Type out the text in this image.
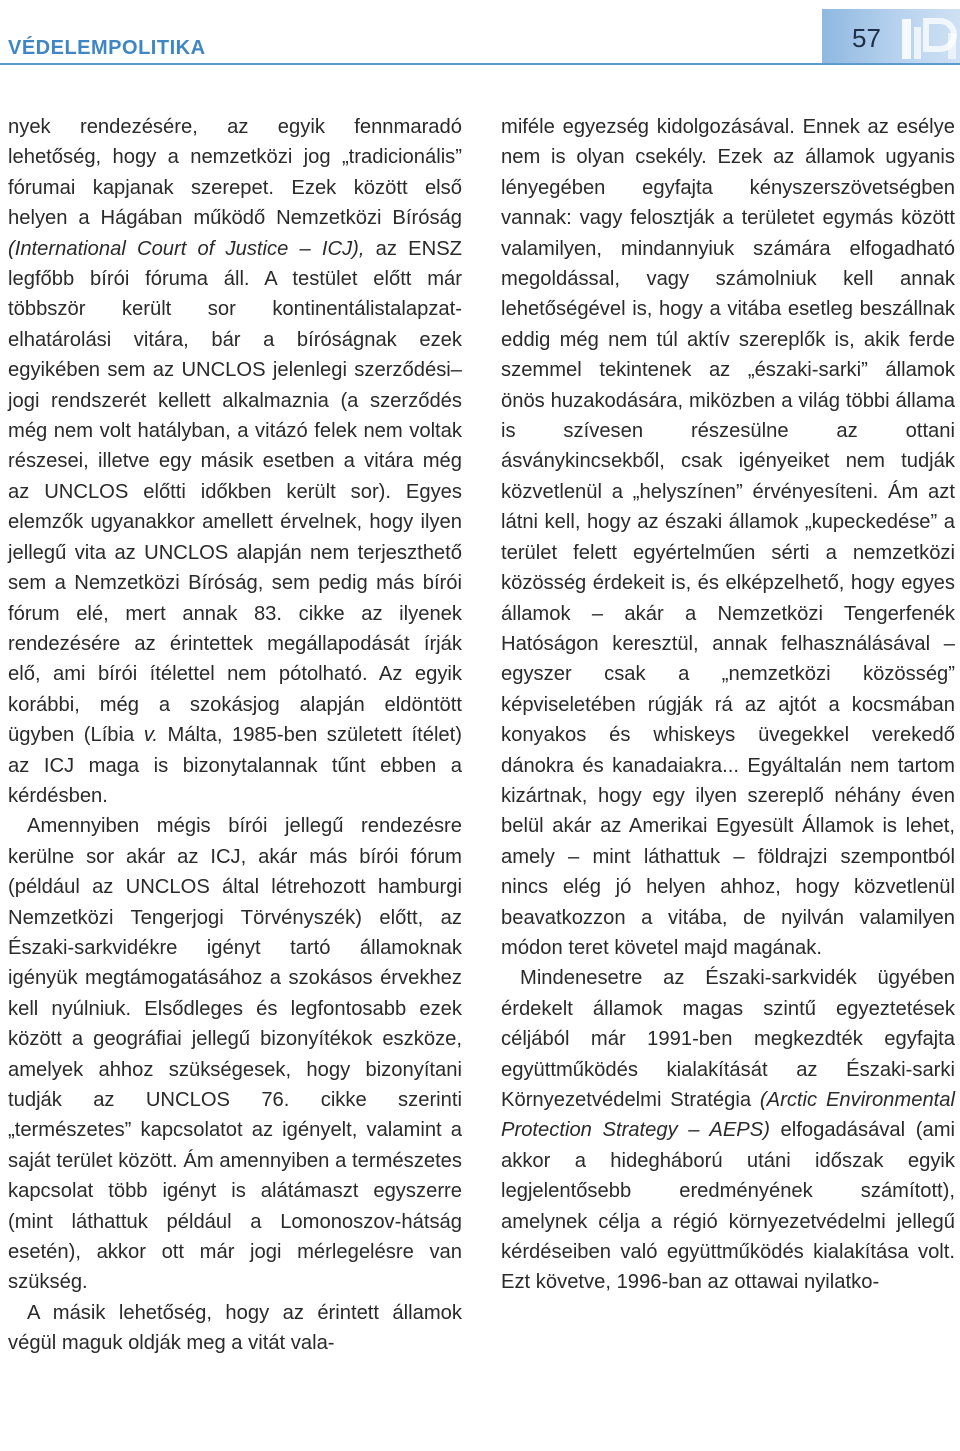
VÉDELEMPOLITIKA	57

nyek rendezésére, az egyik fennmaradó lehetőség, hogy a nemzetközi jog „tradicionális” fórumai kapjanak szerepet. Ezek között első helyen a Hágában működő Nemzetközi Bíróság (International Court of Justice – ICJ), az ENSZ legfőbb bírói fóruma áll. A testület előtt már többször került sor kontinentálistalapzat-elhatárolási vitára, bár a bíróságnak ezek egyikében sem az UNCLOS jelenlegi szerződési–jogi rendszerét kellett alkalmaznia (a szerződés még nem volt hatályban, a vitázó felek nem voltak részesei, illetve egy másik esetben a vitára még az UNCLOS előtti időkben került sor). Egyes elemzők ugyanakkor amellett érvelnek, hogy ilyen jellegű vita az UNCLOS alapján nem terjeszthető sem a Nemzetközi Bíróság, sem pedig más bírói fórum elé, mert annak 83. cikke az ilyenek rendezésére az érintettek megállapodását írják elő, ami bírói ítélettel nem pótolható. Az egyik korábbi, még a szokásjog alapján eldöntött ügyben (Líbia v. Málta, 1985-ben született ítélet) az ICJ maga is bizonytalannak tűnt ebben a kérdésben.

Amennyiben mégis bírói jellegű rendezésre kerülne sor akár az ICJ, akár más bírói fórum (például az UNCLOS által létrehozott hamburgi Nemzetközi Tengerjogi Törvényszék) előtt, az Északi-sarkvidékre igényt tartó államoknak igényük megtámogatásához a szokásos érvekhez kell nyúlniuk. Elsődleges és legfontosabb ezek között a geográfiai jellegű bizonyítékok eszköze, amelyek ahhoz szükségesek, hogy bizonyítani tudják az UNCLOS 76. cikke szerinti „természetes” kapcsolatot az igényelt, valamint a saját terület között. Ám amennyiben a természetes kapcsolat több igényt is alátámaszt egyszerre (mint láthattuk például a Lomonoszov-hátság esetén), akkor ott már jogi mérlegelésre van szükség.

A másik lehetőség, hogy az érintett államok végül maguk oldják meg a vitát vala-

miféle egyezség kidolgozásával. Ennek az esélye nem is olyan csekély. Ezek az államok ugyanis lényegében egyfajta kényszerszövetségben vannak: vagy felosztják a területet egymás között valamilyen, mindannyiuk számára elfogadható megoldással, vagy számolniuk kell annak lehetőségével is, hogy a vitába esetleg beszállnak eddig még nem túl aktív szereplők is, akik ferde szemmel tekintenek az „északi-sarki” államok önös huzakodására, miközben a világ többi államа is szívesen részesülne az ottani ásványkincsekből, csak igényeiket nem tudják közvetlenül a „helyszínen” érvényesíteni. Ám azt látni kell, hogy az északi államok „kupeckedése” a terület felett egyértelműen sérti a nemzetközi közösség érdekeit is, és elképzelhető, hogy egyes államok – akár a Nemzetközi Tengerfenék Hatóságon keresztül, annak felhasználásával – egyszer csak a „nemzetközi közösség” képviseletében rúgják rá az ajtót a kocsmában konyakos és whiskeys üvegekkel verekedő dánokra és kanadaiakra... Egyáltalán nem tartom kizártnak, hogy egy ilyen szereplő néhány éven belül akár az Amerikai Egyesült Államok is lehet, amely – mint láthattuk – földrajzi szempontból nincs elég jó helyen ahhoz, hogy közvetlenül beavatkozzon a vitába, de nyilván valamilyen módon teret követel majd magának.

Mindenesetre az Északi-sarkvidék ügyében érdekelt államok magas szintű egyeztetések céljából már 1991-ben megkezdték egyfajta együttműködés kialakítását az Északi-sarki Környezetvédelmi Stratégia (Arctic Environmental Protection Strategy – AEPS) elfogadásával (ami akkor a hidegháború utáni időszak egyik legjelentősebb eredményének számított), amelynek célja a régió környezetvédelmi jellegű kérdéseiben való együttműködés kialakítása volt. Ezt követve, 1996-ban az ottawai nyilatko-
